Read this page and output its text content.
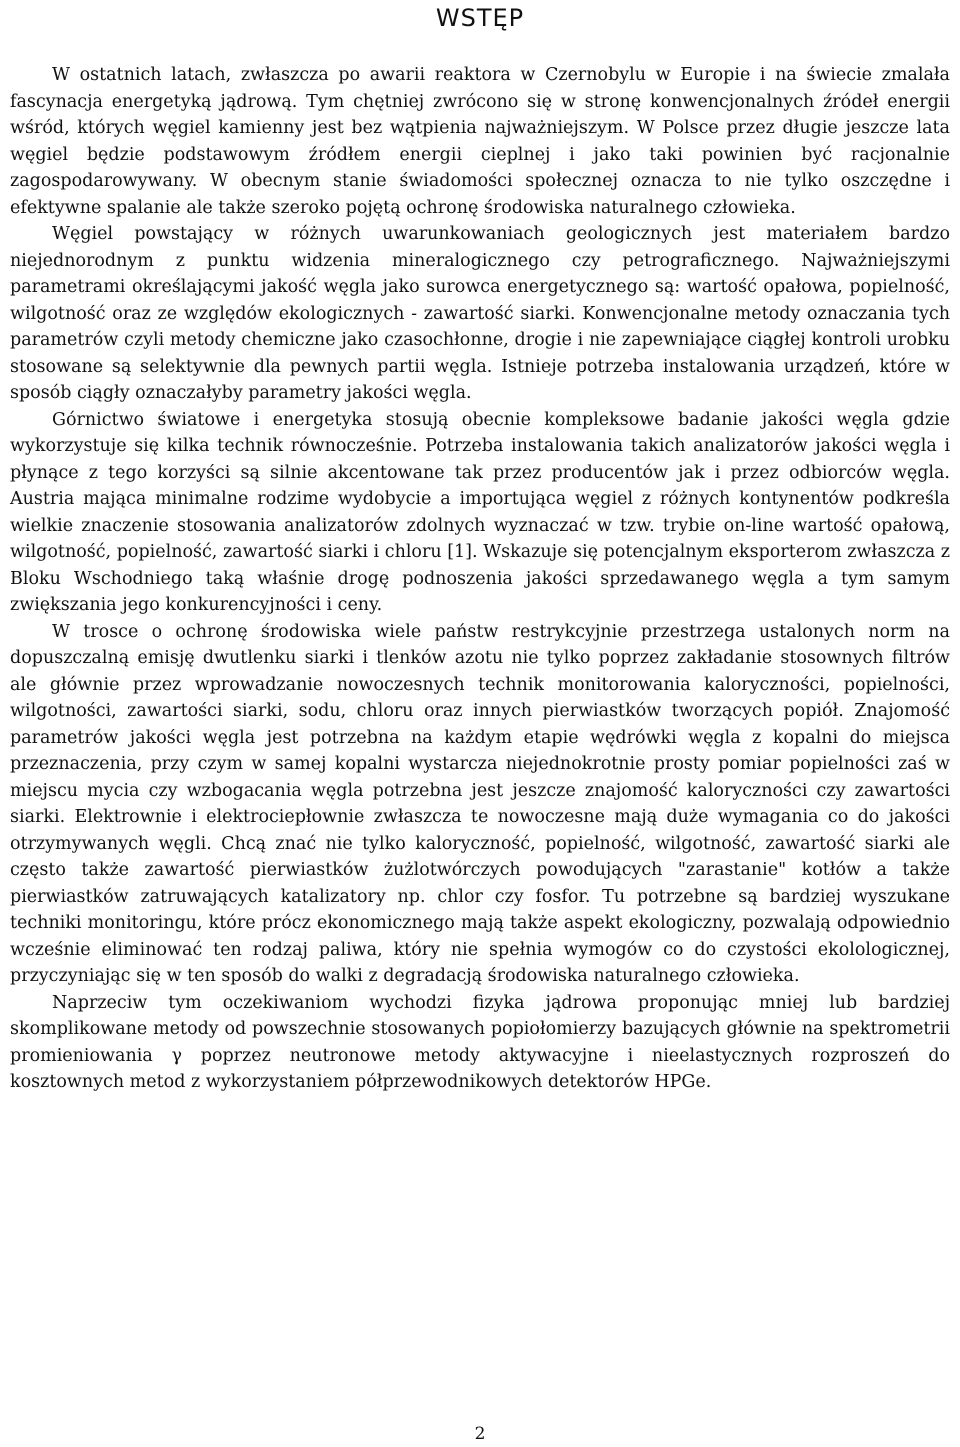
WSTĘP

W ostatnich latach, zwłaszcza po awarii reaktora w Czernobylu w Europie i na świecie zmalała fascynacja energetyką jądrową. Tym chętniej zwrócono się w stronę konwencjonalnych źródeł energii wśród, których węgiel kamienny jest bez wątpienia najważniejszym. W Polsce przez długie jeszcze lata węgiel będzie podstawowym źródłem energii cieplnej i jako taki powinien być racjonalnie zagospodarowywany. W obecnym stanie świadomości społecznej oznacza to nie tylko oszczędne i efektywne spalanie ale także szeroko pojętą ochronę środowiska naturalnego człowieka.

Węgiel powstający w różnych uwarunkowaniach geologicznych jest materiałem bardzo niejednorodnym z punktu widzenia mineralogicznego czy petrograficznego. Najważniejszymi parametrami określającymi jakość węgla jako surowca energetycznego są: wartość opałowa, popielność, wilgotność oraz ze względów ekologicznych - zawartość siarki. Konwencjonalne metody oznaczania tych parametrów czyli metody chemiczne jako czasochłonne, drogie i nie zapewniające ciągłej kontroli urobku stosowane są selektywnie dla pewnych partii węgla. Istnieje potrzeba instalowania urządzeń, które w sposób ciągły oznaczałyby parametry jakości węgla.

Górnictwo światowe i energetyka stosują obecnie kompleksowe badanie jakości węgla gdzie wykorzystuje się kilka technik równocześnie. Potrzeba instalowania takich analizatorów jakości węgla i płynące z tego korzyści są silnie akcentowane tak przez producentów jak i przez odbiorców węgla. Austria mająca minimalne rodzime wydobycie a importująca węgiel z różnych kontynentów podkreśla wielkie znaczenie stosowania analizatorów zdolnych wyznaczać w tzw. trybie on-line wartość opałową, wilgotność, popielność, zawartość siarki i chloru [1]. Wskazuje się potencjalnym eksporterom zwłaszcza z Bloku Wschodniego taką właśnie drogę podnoszenia jakości sprzedawanego węgla a tym samym zwiększania jego konkurencyjności i ceny.

W trosce o ochronę środowiska wiele państw restrykcyjnie przestrzega ustalonych norm na dopuszczalną emisję dwutlenku siarki i tlenków azotu nie tylko poprzez zakładanie stosownych filtrów ale głównie przez wprowadzanie nowoczesnych technik monitorowania kaloryczności, popielności, wilgotności, zawartości siarki, sodu, chloru oraz innych pierwiastków tworzących popiół. Znajomość parametrów jakości węgla jest potrzebna na każdym etapie wędrówki węgla z kopalni do miejsca przeznaczenia, przy czym w samej kopalni wystarcza niejednokrotnie prosty pomiar popielności zaś w miejscu mycia czy wzbogacania węgla potrzebna jest jeszcze znajomość kaloryczności czy zawartości siarki. Elektrownie i elektrociepłownie zwłaszcza te nowoczesne mają duże wymagania co do jakości otrzymywanych węgli. Chcą znać nie tylko kaloryczność, popielność, wilgotność, zawartość siarki ale często także zawartość pierwiastków żużlotwórczych powodujących "zarastanie" kotłów a także pierwiastków zatruwających katalizatory np. chlor czy fosfor. Tu potrzebne są bardziej wyszukane techniki monitoringu, które prócz ekonomicznego mają także aspekt ekologiczny, pozwalają odpowiednio wcześnie eliminować ten rodzaj paliwa, który nie spełnia wymogów co do czystości ekolologicznej, przyczyniając się w ten sposób do walki z degradacją środowiska naturalnego człowieka.

Naprzeciw tym oczekiwaniom wychodzi fizyka jądrowa proponując mniej lub bardziej skomplikowane metody od powszechnie stosowanych popiołomierzy bazujących głównie na spektrometrii promieniowania γ poprzez neutronowe metody aktywacyjne i nieelastycznych rozproszeń do kosztownych metod z wykorzystaniem półprzewodnikowych detektorów HPGe.

2
